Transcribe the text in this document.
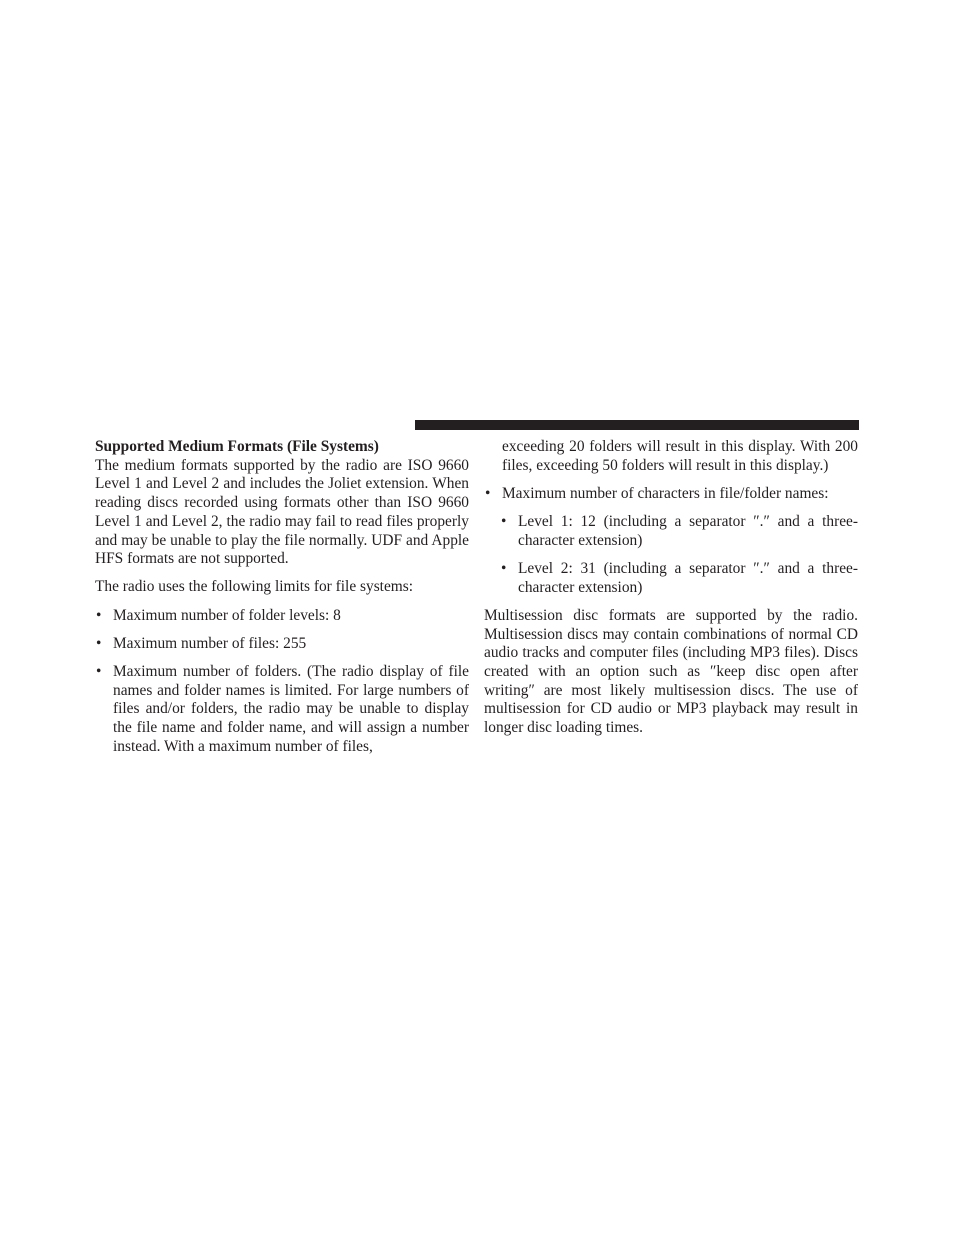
Supported Medium Formats (File Systems)

The medium formats supported by the radio are ISO 9660 Level 1 and Level 2 and includes the Joliet extension. When reading discs recorded using formats other than ISO 9660 Level 1 and Level 2, the radio may fail to read files properly and may be unable to play the file normally. UDF and Apple HFS formats are not supported.

The radio uses the following limits for file systems:

• Maximum number of folder levels: 8
• Maximum number of files: 255
• Maximum number of folders. (The radio display of file names and folder names is limited. For large numbers of files and/or folders, the radio may be unable to display the file name and folder name, and will assign a number instead. With a maximum number of files,

exceeding 20 folders will result in this display. With 200 files, exceeding 50 folders will result in this display.)

• Maximum number of characters in file/folder names:
• Level 1: 12 (including a separator ″.″ and a three-character extension)
• Level 2: 31 (including a separator ″.″ and a three-character extension)

Multisession disc formats are supported by the radio. Multisession discs may contain combinations of normal CD audio tracks and computer files (including MP3 files). Discs created with an option such as ″keep disc open after writing″ are most likely multisession discs. The use of multisession for CD audio or MP3 playback may result in longer disc loading times.
